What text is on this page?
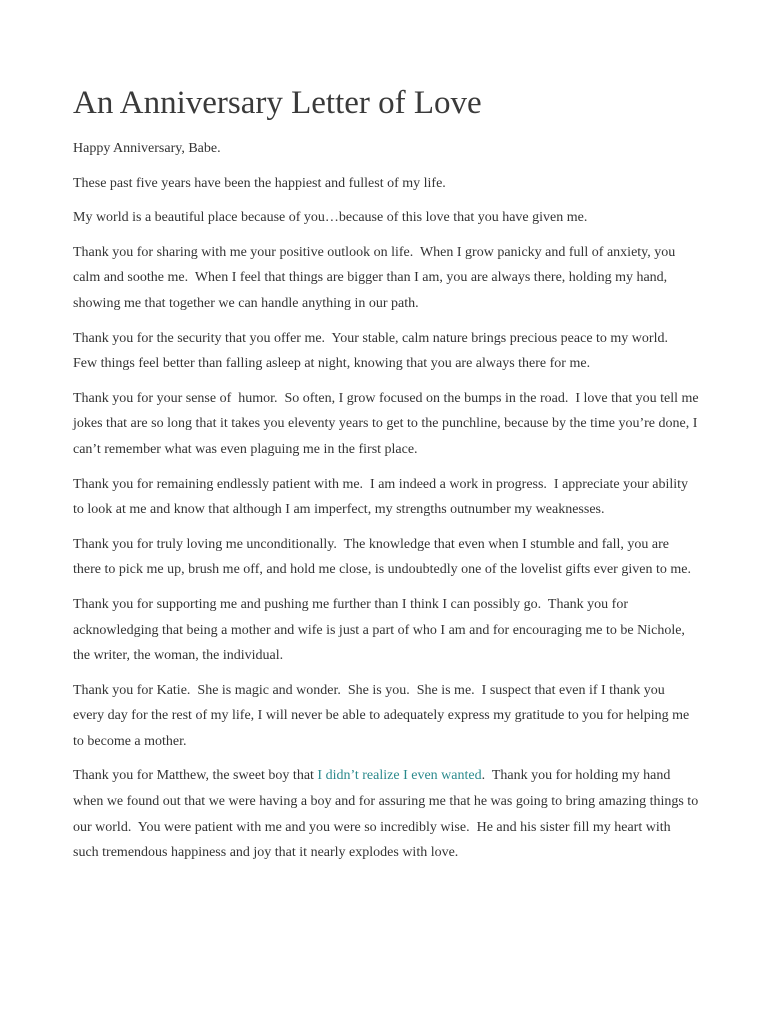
An Anniversary Letter of Love

Happy Anniversary, Babe.

These past five years have been the happiest and fullest of my life.

My world is a beautiful place because of you…because of this love that you have given me.

Thank you for sharing with me your positive outlook on life.  When I grow panicky and full of anxiety, you calm and soothe me.  When I feel that things are bigger than I am, you are always there, holding my hand, showing me that together we can handle anything in our path.

Thank you for the security that you offer me.  Your stable, calm nature brings precious peace to my world.  Few things feel better than falling asleep at night, knowing that you are always there for me.

Thank you for your sense of  humor.  So often, I grow focused on the bumps in the road.  I love that you tell me jokes that are so long that it takes you eleventy years to get to the punchline, because by the time you’re done, I can’t remember what was even plaguing me in the first place.

Thank you for remaining endlessly patient with me.  I am indeed a work in progress.  I appreciate your ability to look at me and know that although I am imperfect, my strengths outnumber my weaknesses.

Thank you for truly loving me unconditionally.  The knowledge that even when I stumble and fall, you are there to pick me up, brush me off, and hold me close, is undoubtedly one of the lovelist gifts ever given to me.

Thank you for supporting me and pushing me further than I think I can possibly go.  Thank you for acknowledging that being a mother and wife is just a part of who I am and for encouraging me to be Nichole, the writer, the woman, the individual.

Thank you for Katie.  She is magic and wonder.  She is you.  She is me.  I suspect that even if I thank you every day for the rest of my life, I will never be able to adequately express my gratitude to you for helping me to become a mother.

Thank you for Matthew, the sweet boy that I didn’t realize I even wanted.  Thank you for holding my hand when we found out that we were having a boy and for assuring me that he was going to bring amazing things to our world.  You were patient with me and you were so incredibly wise.  He and his sister fill my heart with such tremendous happiness and joy that it nearly explodes with love.
